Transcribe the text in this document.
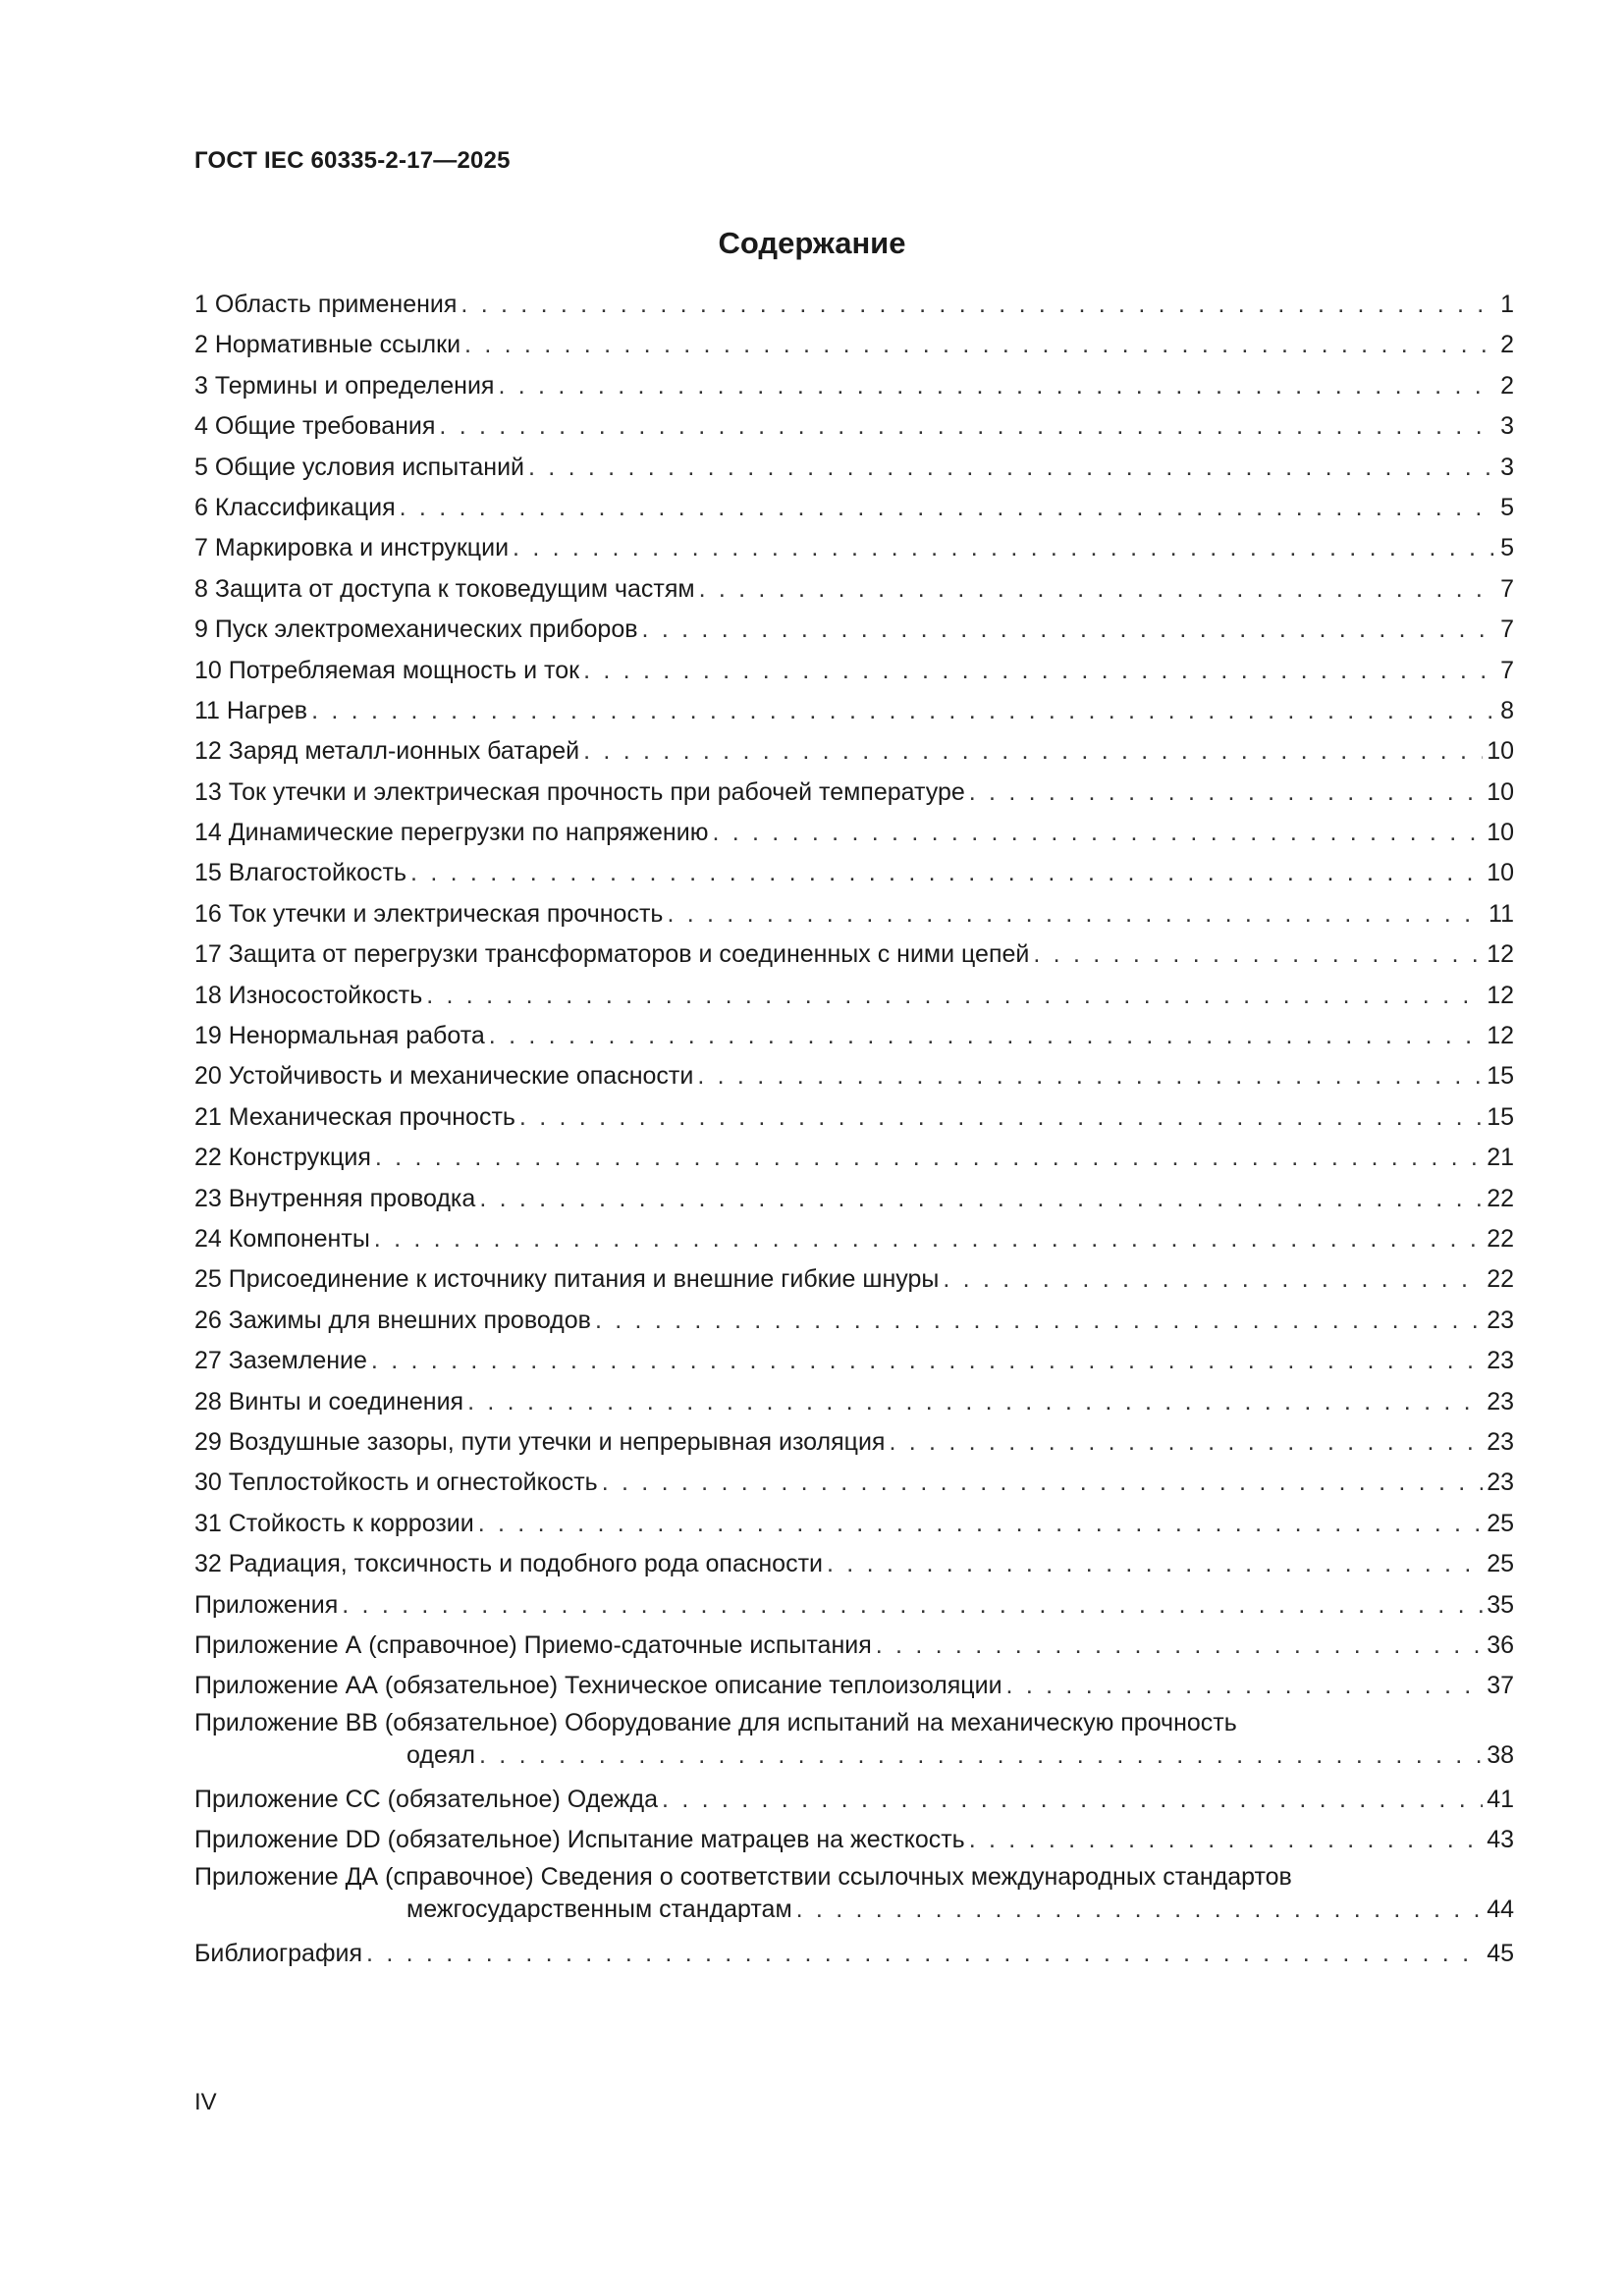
ГОСТ IEC 60335-2-17—2025
Содержание
1 Область применения . . .	1
2 Нормативные ссылки . . .	2
3 Термины и определения . . .	2
4 Общие требования . . .	3
5 Общие условия испытаний . . .	3
6 Классификация . . .	5
7 Маркировка и инструкции . . .	5
8 Защита от доступа к токоведущим частям . . .	7
9 Пуск электромеханических приборов . . .	7
10 Потребляемая мощность и ток . . .	7
11 Нагрев . . .	8
12 Заряд металл-ионных батарей . . .	10
13 Ток утечки и электрическая прочность при рабочей температуре . . .	10
14 Динамические перегрузки по напряжению . . .	10
15 Влагостойкость . . .	10
16 Ток утечки и электрическая прочность . . .	11
17 Защита от перегрузки трансформаторов и соединенных с ними цепей . . .	12
18 Износостойкость . . .	12
19 Ненормальная работа . . .	12
20 Устойчивость и механические опасности . . .	15
21 Механическая прочность . . .	15
22 Конструкция . . .	21
23 Внутренняя проводка . . .	22
24 Компоненты . . .	22
25 Присоединение к источнику питания и внешние гибкие шнуры . . .	22
26 Зажимы для внешних проводов . . .	23
27 Заземление . . .	23
28 Винты и соединения . . .	23
29 Воздушные зазоры, пути утечки и непрерывная изоляция . . .	23
30 Теплостойкость и огнестойкость . . .	23
31 Стойкость к коррозии . . .	25
32 Радиация, токсичность и подобного рода опасности . . .	25
Приложения . . .	35
Приложение А (справочное) Приемо-сдаточные испытания . . .	36
Приложение АА (обязательное) Техническое описание теплоизоляции . . .	37
Приложение ВВ (обязательное) Оборудование для испытаний на механическую прочность
одеял . . .	38
Приложение СС (обязательное) Одежда . . .	41
Приложение DD (обязательное) Испытание матрацев на жесткость . . .	43
Приложение ДА (справочное) Сведения о соответствии ссылочных международных стандартов
межгосударственным стандартам . . .	44
Библиография . . .	45
IV
